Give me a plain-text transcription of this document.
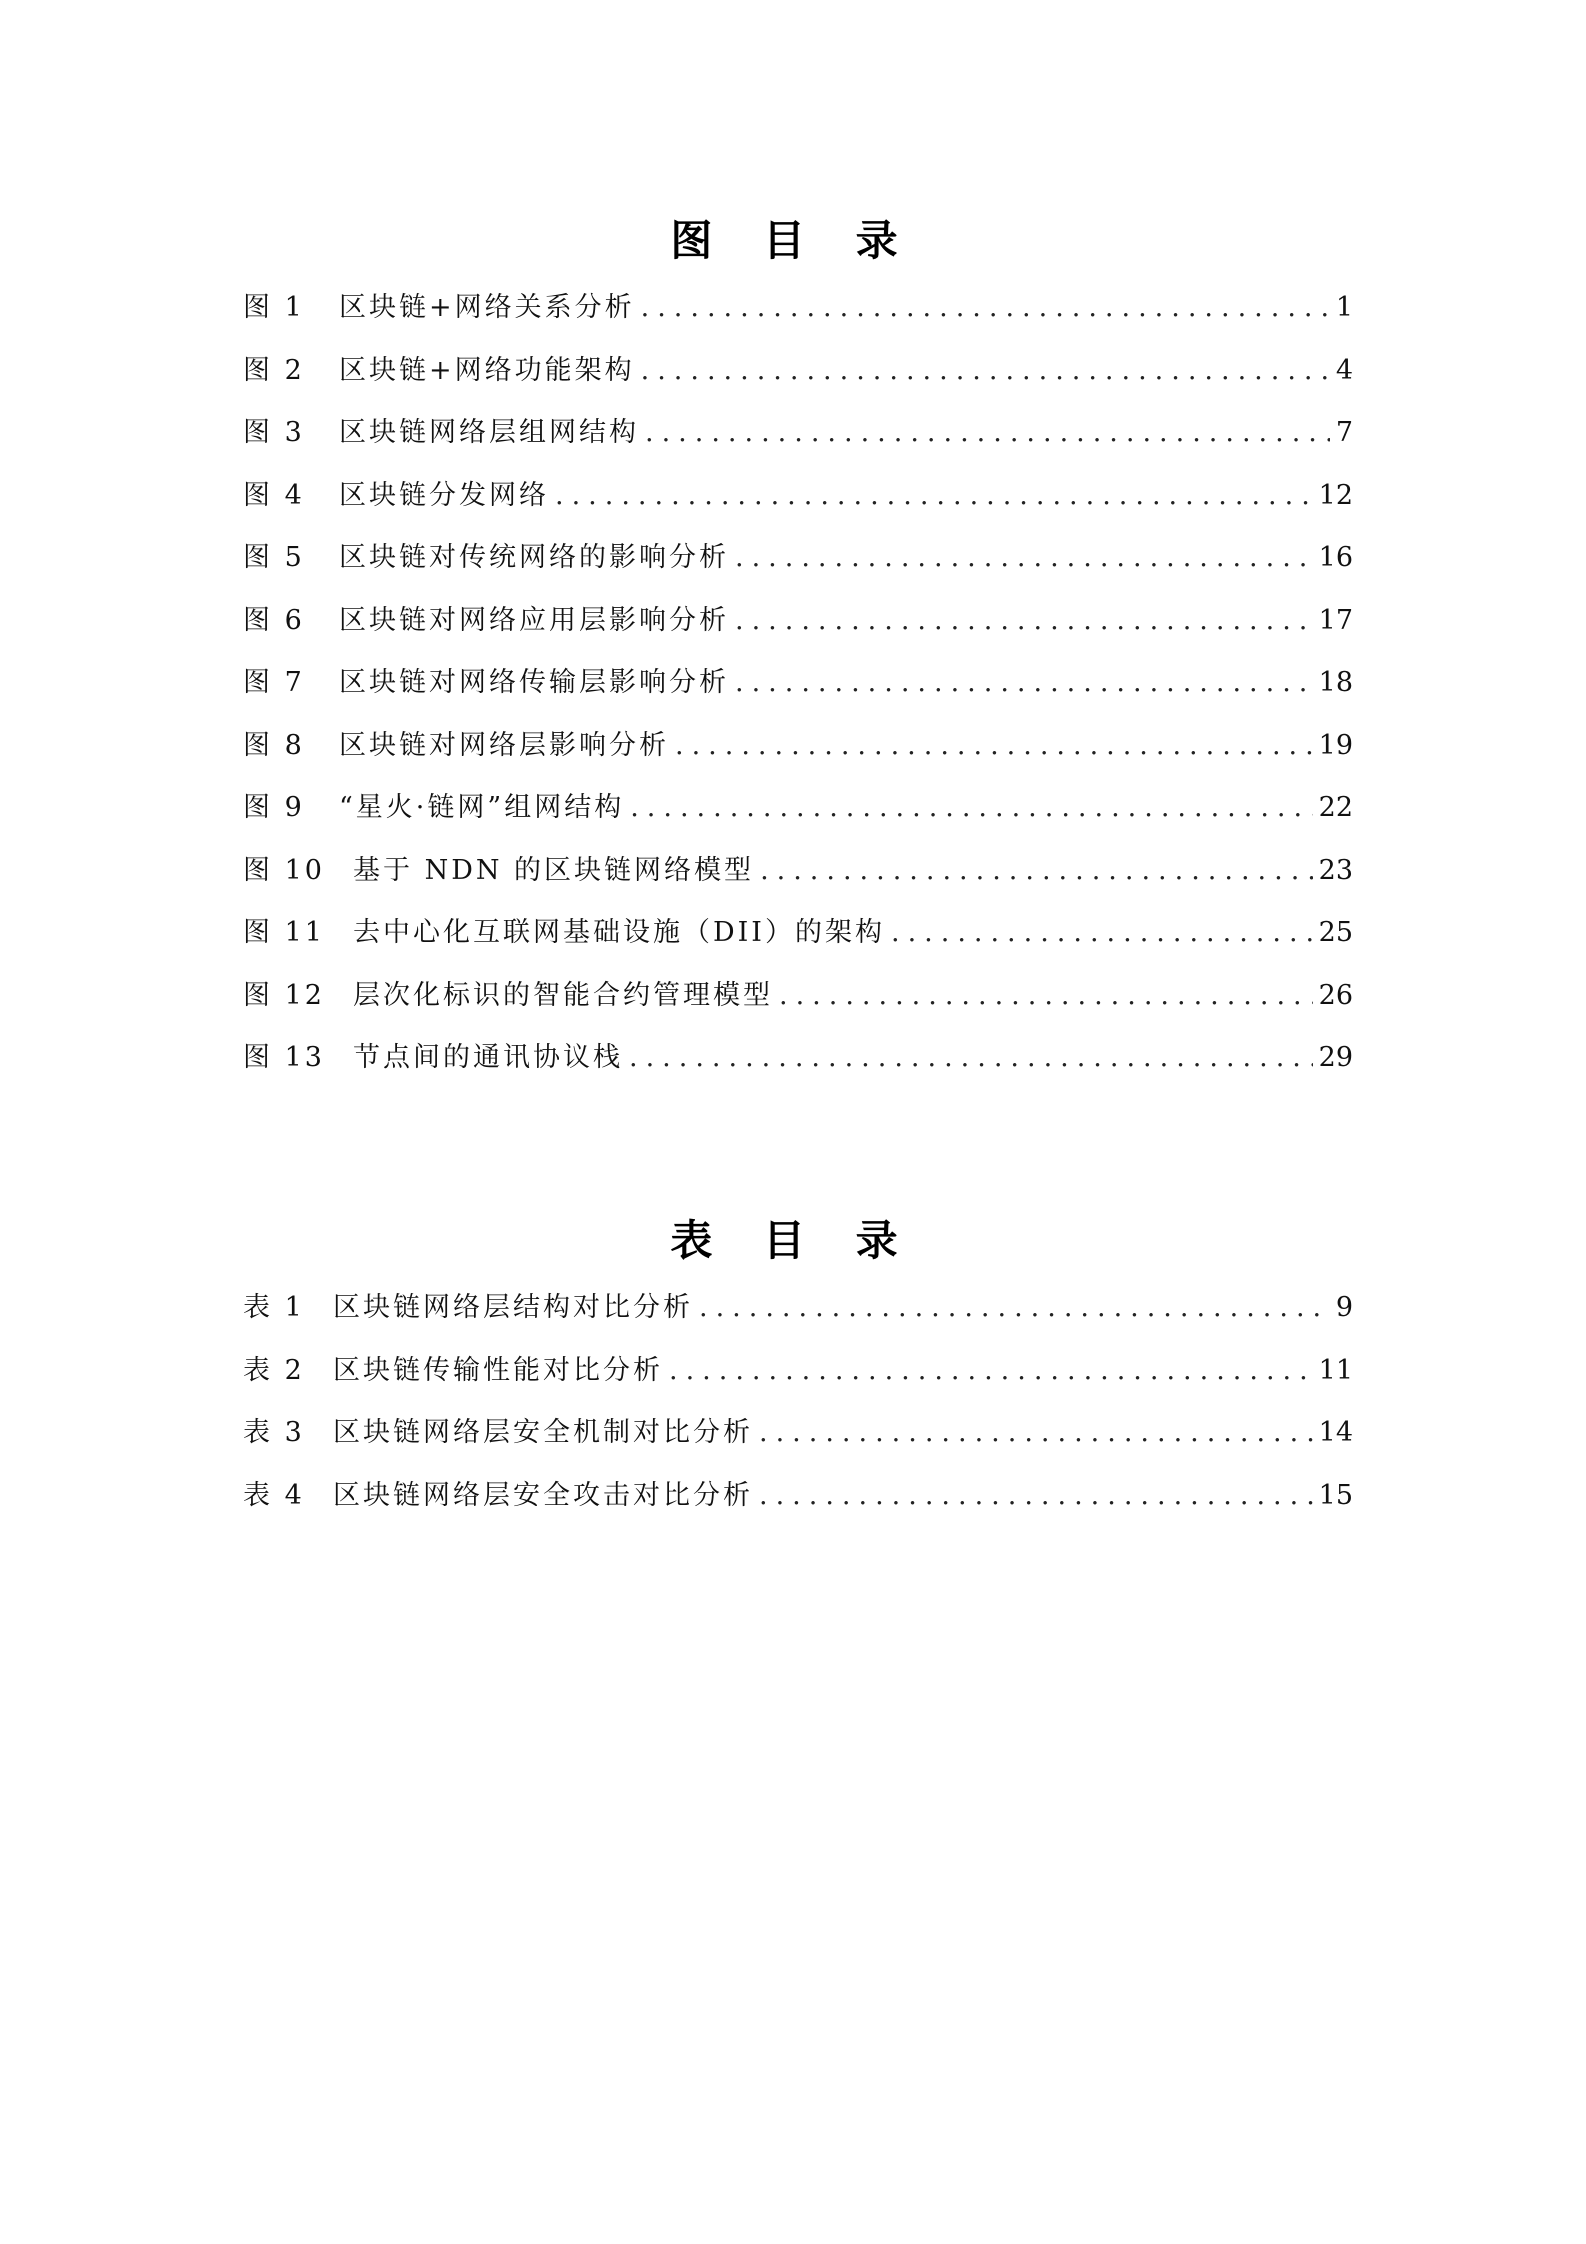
图 目 录
图 1	区块链+网络关系分析 .....	1
图 2	区块链+网络功能架构 .....	4
图 3	区块链网络层组网结构 .....	7
图 4	区块链分发网络 .....	12
图 5	区块链对传统网络的影响分析 .....	16
图 6	区块链对网络应用层影响分析 .....	17
图 7	区块链对网络传输层影响分析 .....	18
图 8	区块链对网络层影响分析 .....	19
图 9	“星火·链网”组网结构 .....	22
图 10	基于 NDN 的区块链网络模型 .....	23
图 11	去中心化互联网基础设施（DII）的架构 .....	25
图 12	层次化标识的智能合约管理模型 .....	26
图 13	节点间的通讯协议栈 .....	29
表 目 录
表 1	区块链网络层结构对比分析 .....	9
表 2	区块链传输性能对比分析 .....	11
表 3	区块链网络层安全机制对比分析 .....	14
表 4	区块链网络层安全攻击对比分析 .....	15
